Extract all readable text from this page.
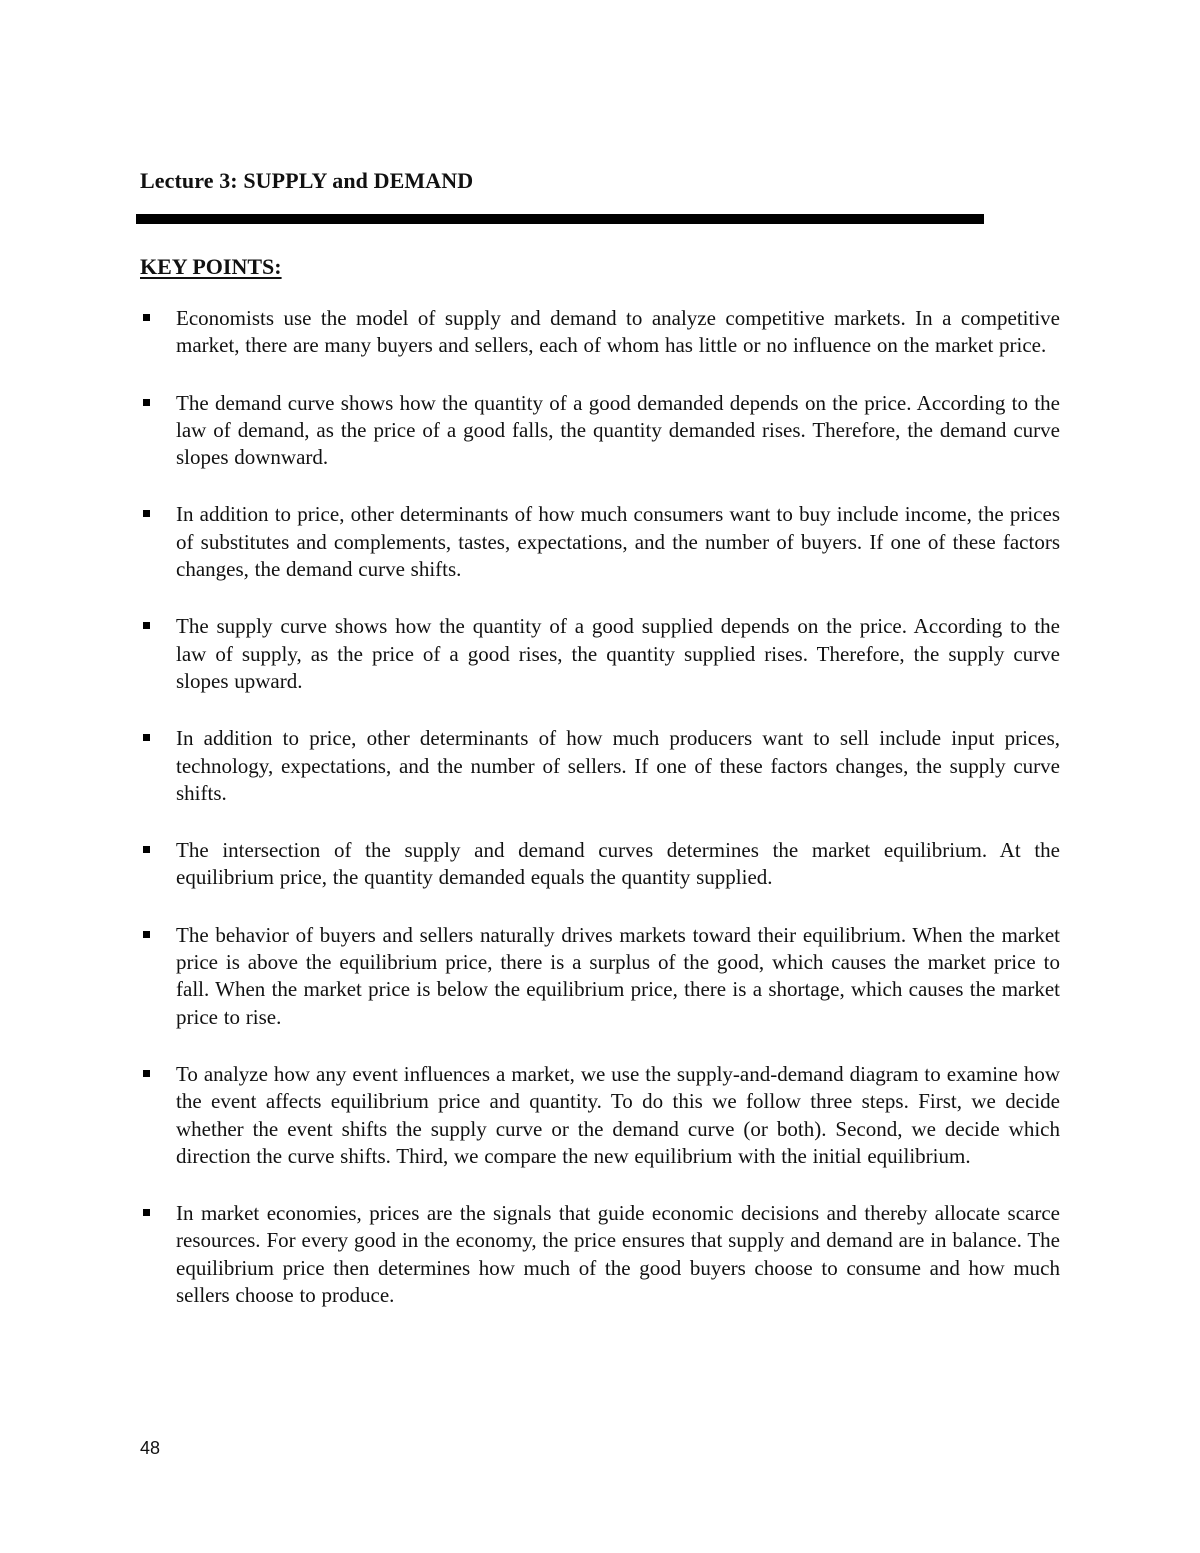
Lecture 3: SUPPLY and DEMAND
KEY POINTS:
Economists use the model of supply and demand to analyze competitive markets. In a competitive market, there are many buyers and sellers, each of whom has little or no influence on the market price.
The demand curve shows how the quantity of a good demanded depends on the price. According to the law of demand, as the price of a good falls, the quantity demanded rises. Therefore, the demand curve slopes downward.
In addition to price, other determinants of how much consumers want to buy include income, the prices of substitutes and complements, tastes, expectations, and the number of buyers. If one of these factors changes, the demand curve shifts.
The supply curve shows how the quantity of a good supplied depends on the price. According to the law of supply, as the price of a good rises, the quantity supplied rises. Therefore, the supply curve slopes upward.
In addition to price, other determinants of how much producers want to sell include input prices, technology, expectations, and the number of sellers. If one of these factors changes, the supply curve shifts.
The intersection of the supply and demand curves determines the market equilibrium. At the equilibrium price, the quantity demanded equals the quantity supplied.
The behavior of buyers and sellers naturally drives markets toward their equilibrium. When the market price is above the equilibrium price, there is a surplus of the good, which causes the market price to fall. When the market price is below the equilibrium price, there is a shortage, which causes the market price to rise.
To analyze how any event influences a market, we use the supply-and-demand diagram to examine how the event affects equilibrium price and quantity. To do this we follow three steps. First, we decide whether the event shifts the supply curve or the demand curve (or both). Second, we decide which direction the curve shifts. Third, we compare the new equilibrium with the initial equilibrium.
In market economies, prices are the signals that guide economic decisions and thereby allocate scarce resources. For every good in the economy, the price ensures that supply and demand are in balance. The equilibrium price then determines how much of the good buyers choose to consume and how much sellers choose to produce.
48
